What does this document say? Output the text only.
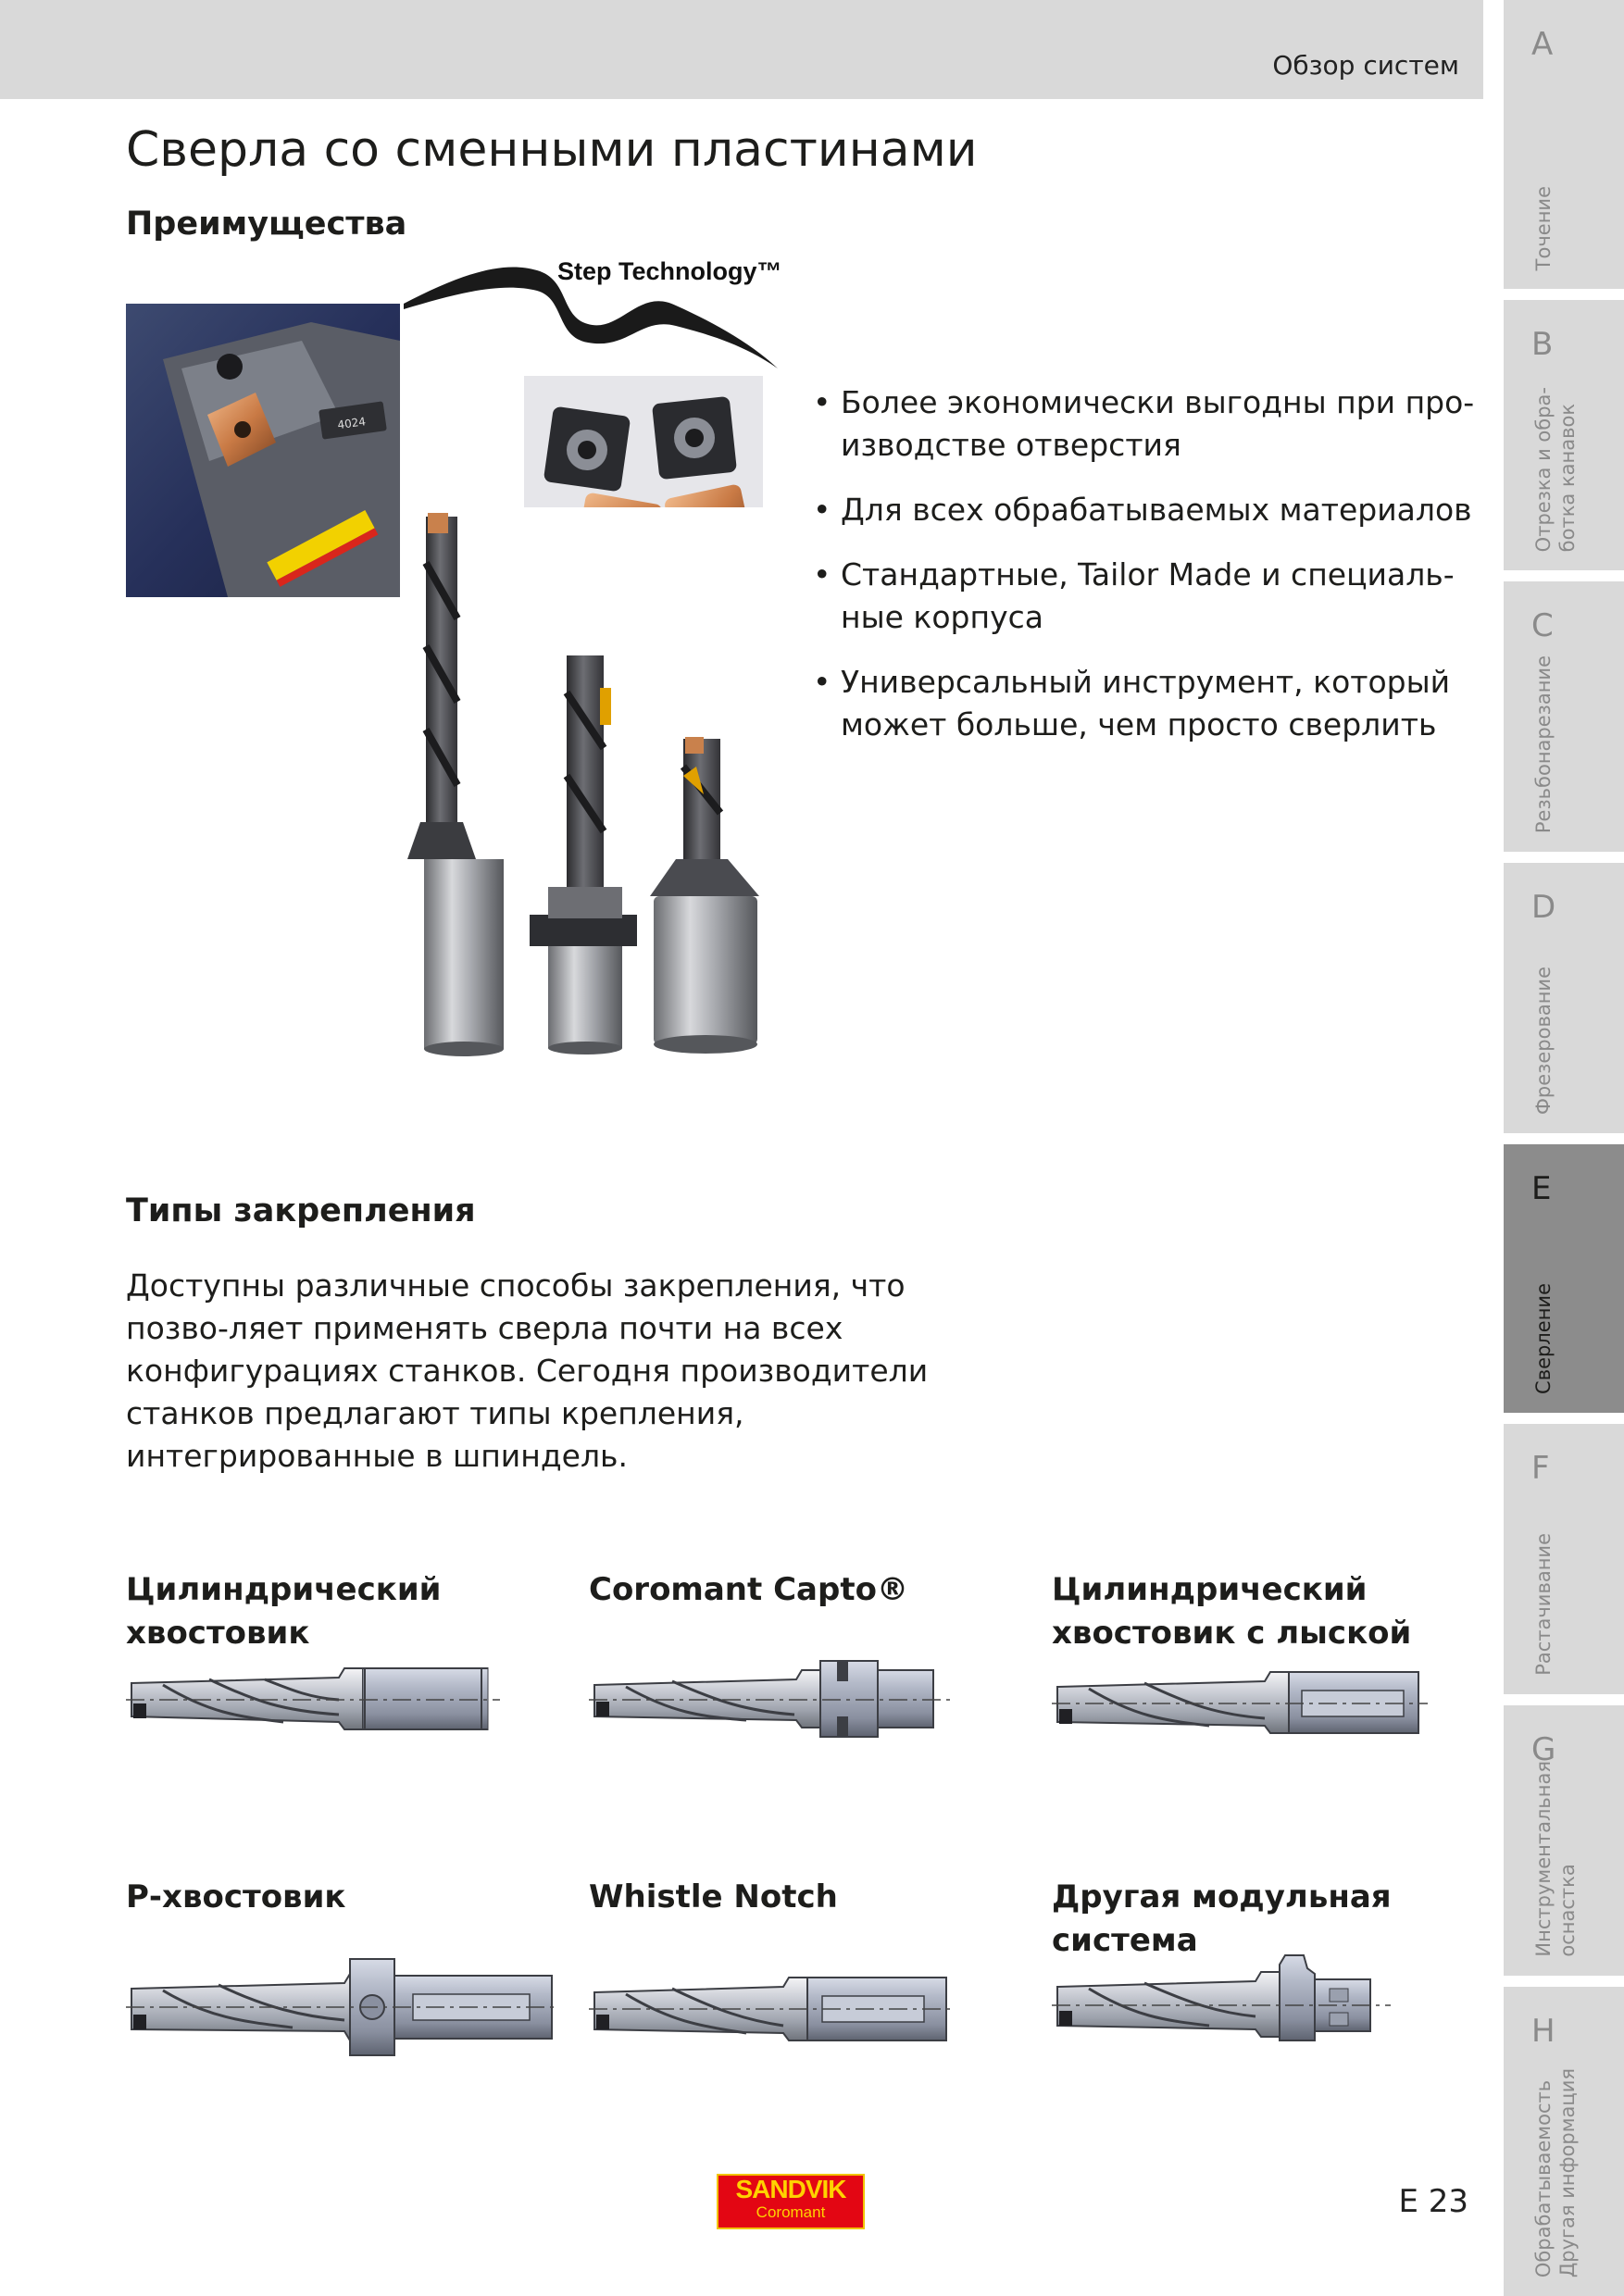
Обзор систем
Сверла со сменными пластинами
Преимущества
Step Technology™
4024
• Более экономически выгодны при про-изводстве отверстия
• Для всех обрабатываемых материалов
• Стандартные, Tailor Made и специаль-ные корпуса
• Универсальный инструмент, который может больше, чем просто сверлить
Типы закрепления

Доступны различные способы закрепления, что позво-ляет применять сверла почти на всех конфигурациях станков. Сегодня производители станков предлагают типы крепления, интегрированные в шпиндель.

Цилиндрический хвостовик

Coromant Capto®	Цилиндрический хвостовик с лыской

Р-хвостовик	Whistle Notch	Другая модульная система

SANDVIK
Coromant	E 23
A
Точение
B
Отрезка и обра-
ботка канавок
C
Резьбонарезание
D
Фрезерование
E
Сверление
F
Растачивание
G
Инструментальная
оснастка
H
Обрабатываемость
Другая информация
